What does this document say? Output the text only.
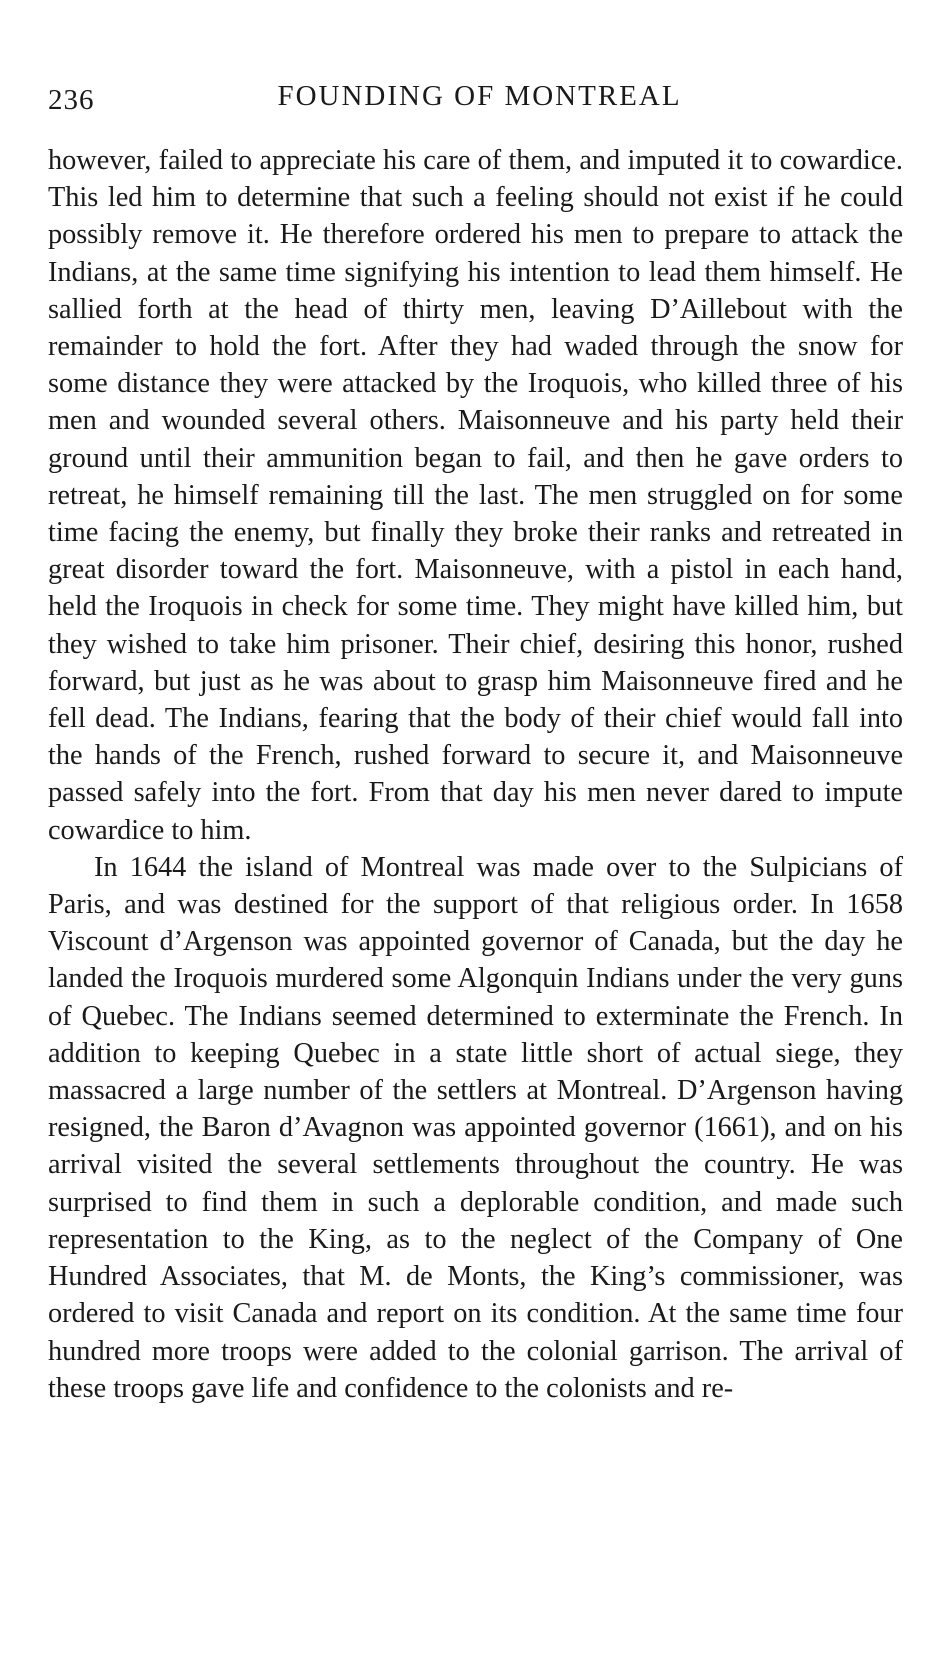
236	FOUNDING OF MONTREAL

however, failed to appreciate his care of them, and imputed it to cowardice. This led him to determine that such a feeling should not exist if he could possibly remove it. He therefore ordered his men to prepare to attack the Indians, at the same time signifying his intention to lead them himself. He sallied forth at the head of thirty men, leaving D’Aillebout with the remainder to hold the fort. After they had waded through the snow for some distance they were attacked by the Iroquois, who killed three of his men and wounded several others. Maisonneuve and his party held their ground until their ammunition began to fail, and then he gave orders to retreat, he himself remaining till the last. The men struggled on for some time facing the enemy, but finally they broke their ranks and retreated in great disorder toward the fort. Maisonneuve, with a pistol in each hand, held the Iroquois in check for some time. They might have killed him, but they wished to take him prisoner. Their chief, desiring this honor, rushed forward, but just as he was about to grasp him Maisonneuve fired and he fell dead. The Indians, fearing that the body of their chief would fall into the hands of the French, rushed forward to secure it, and Maisonneuve passed safely into the fort. From that day his men never dared to impute cowardice to him.

In 1644 the island of Montreal was made over to the Sulpicians of Paris, and was destined for the support of that religious order. In 1658 Viscount d’Argenson was appointed governor of Canada, but the day he landed the Iroquois murdered some Algonquin Indians under the very guns of Quebec. The Indians seemed determined to exterminate the French. In addition to keeping Quebec in a state little short of actual siege, they massacred a large number of the settlers at Montreal. D’Argenson having resigned, the Baron d’Avagnon was appointed governor (1661), and on his arrival visited the several settlements throughout the country. He was surprised to find them in such a deplorable condition, and made such representation to the King, as to the neglect of the Company of One Hundred Associates, that M. de Monts, the King’s commissioner, was ordered to visit Canada and report on its condition. At the same time four hundred more troops were added to the colonial garrison. The arrival of these troops gave life and confidence to the colonists and re-
